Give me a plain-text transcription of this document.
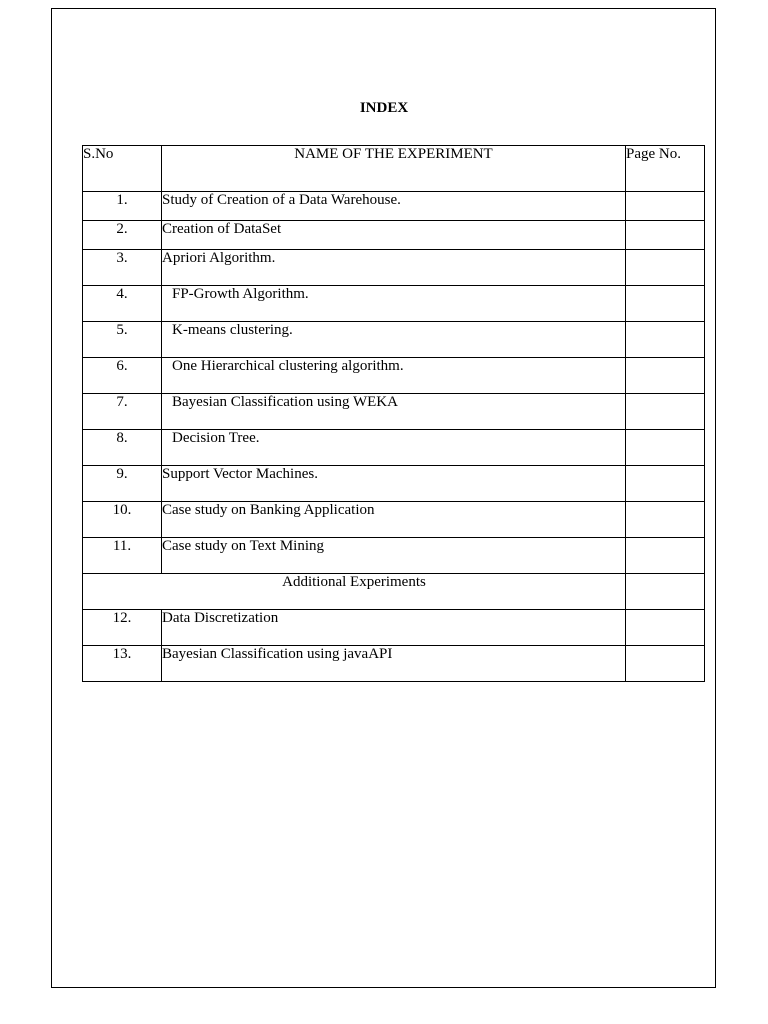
INDEX
S.No	NAME OF THE EXPERIMENT	Page No.
1.	Study of Creation of a Data Warehouse.	
2.	Creation of DataSet	
3.	Apriori Algorithm.	
4.	FP-Growth Algorithm.	
5.	K-means clustering.	
6.	One Hierarchical clustering algorithm.	
7.	Bayesian Classification using WEKA	
8.	Decision Tree.	
9.	Support Vector Machines.	
10.	Case study on Banking Application	
11.	Case study on Text Mining	
Additional Experiments		
12.	Data Discretization	
13.	Bayesian Classification using javaAPI	
